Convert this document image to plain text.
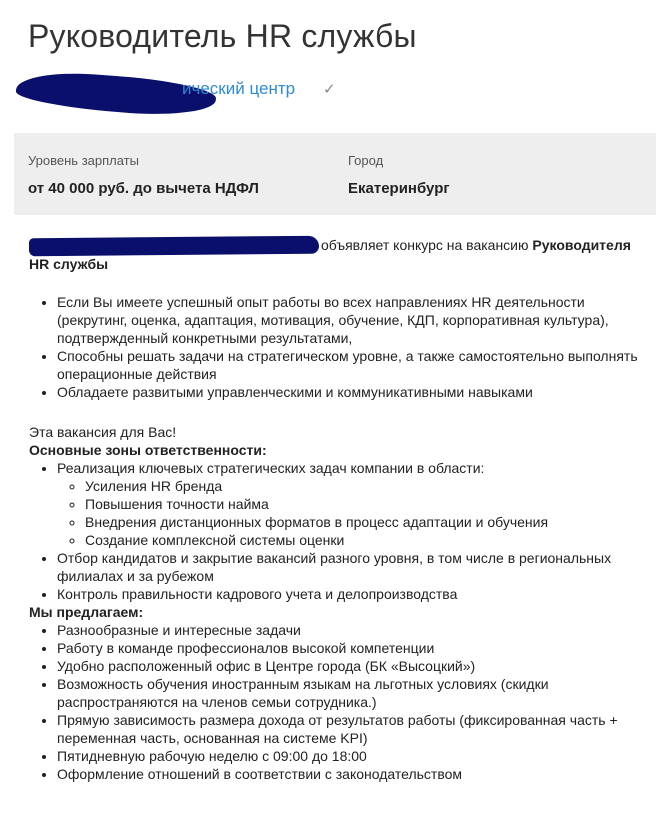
Руководитель HR службы
ический центр ✓
Уровень зарплаты
от 40 000 руб. до вычета НДФЛ
Город
Екатеринбург

объявляет конкурс на вакансию Руководителя HR службы

• Если Вы имеете успешный опыт работы во всех направлениях HR деятельности (рекрутинг, оценка, адаптация, мотивация, обучение, КДП, корпоративная культура), подтвержденный конкретными результатами,
• Способны решать задачи на стратегическом уровне, а также самостоятельно выполнять операционные действия
• Обладаете развитыми управленческими и коммуникативными навыками

Эта вакансия для Вас!

Основные зоны ответственности:

• Реализация ключевых стратегических задач компании в области:
◦ Усиления HR бренда
◦ Повышения точности найма
◦ Внедрения дистанционных форматов в процесс адаптации и обучения
◦ Создание комплексной системы оценки
• Отбор кандидатов и закрытие вакансий разного уровня, в том числе в региональных филиалах и за рубежом
• Контроль правильности кадрового учета и делопроизводства

Мы предлагаем:

• Разнообразные и интересные задачи
• Работу в команде профессионалов высокой компетенции
• Удобно расположенный офис в Центре города (БК «Высоцкий»)
• Возможность обучения иностранным языкам на льготных условиях (скидки распространяются на членов семьи сотрудника.)
• Прямую зависимость размера дохода от результатов работы (фиксированная часть + переменная часть, основанная на системе KPI)
• Пятидневную рабочую неделю с 09:00 до 18:00
• Оформление отношений в соответствии с законодательством
